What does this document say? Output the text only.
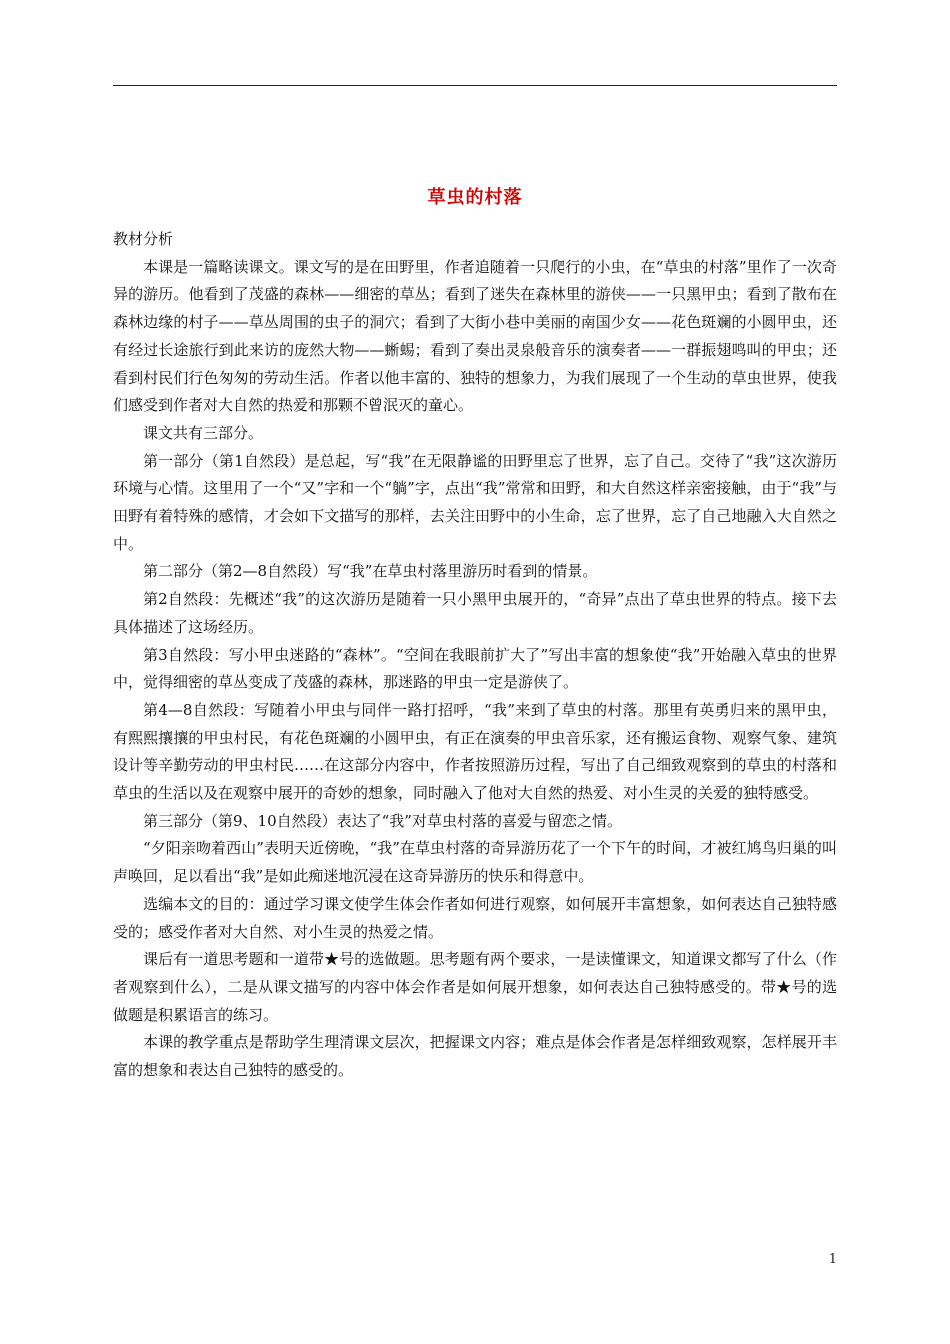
草虫的村落

教材分析

本课是一篇略读课文。课文写的是在田野里，作者追随着一只爬行的小虫，在“草虫的村落”里作了一次奇异的游历。他看到了茂盛的森林——细密的草丛；看到了迷失在森林里的游侠——一只黑甲虫；看到了散布在森林边缘的村子——草丛周围的虫子的洞穴；看到了大街小巷中美丽的南国少女——花色斑斓的小圆甲虫，还有经过长途旅行到此来访的庞然大物——蜥蜴；看到了奏出灵泉般音乐的演奏者——一群振翅鸣叫的甲虫；还看到村民们行色匆匆的劳动生活。作者以他丰富的、独特的想象力，为我们展现了一个生动的草虫世界，使我们感受到作者对大自然的热爱和那颗不曾泯灭的童心。

课文共有三部分。

第一部分（第1自然段）是总起，写“我”在无限静谧的田野里忘了世界，忘了自己。交待了“我”这次游历环境与心情。这里用了一个“又”字和一个“躺”字，点出“我”常常和田野，和大自然这样亲密接触，由于“我”与田野有着特殊的感情，才会如下文描写的那样，去关注田野中的小生命，忘了世界，忘了自己地融入大自然之中。

第二部分（第2—8自然段）写“我”在草虫村落里游历时看到的情景。

第2自然段：先概述“我”的这次游历是随着一只小黑甲虫展开的，“奇异”点出了草虫世界的特点。接下去具体描述了这场经历。

第3自然段：写小甲虫迷路的“森林”。“空间在我眼前扩大了”写出丰富的想象使“我”开始融入草虫的世界中，觉得细密的草丛变成了茂盛的森林，那迷路的甲虫一定是游侠了。

第4—8自然段：写随着小甲虫与同伴一路打招呼，“我”来到了草虫的村落。那里有英勇归来的黑甲虫，有熙熙攘攘的甲虫村民，有花色斑斓的小圆甲虫，有正在演奏的甲虫音乐家，还有搬运食物、观察气象、建筑设计等辛勤劳动的甲虫村民……在这部分内容中，作者按照游历过程，写出了自己细致观察到的草虫的村落和草虫的生活以及在观察中展开的奇妙的想象，同时融入了他对大自然的热爱、对小生灵的关爱的独特感受。

第三部分（第9、10自然段）表达了“我”对草虫村落的喜爱与留恋之情。

“夕阳亲吻着西山”表明天近傍晚，“我”在草虫村落的奇异游历花了一个下午的时间，才被红鸠鸟归巢的叫声唤回，足以看出“我”是如此痴迷地沉浸在这奇异游历的快乐和得意中。

选编本文的目的：通过学习课文使学生体会作者如何进行观察，如何展开丰富想象，如何表达自己独特感受的；感受作者对大自然、对小生灵的热爱之情。

课后有一道思考题和一道带★号的选做题。思考题有两个要求，一是读懂课文，知道课文都写了什么（作者观察到什么），二是从课文描写的内容中体会作者是如何展开想象，如何表达自己独特感受的。带★号的选做题是积累语言的练习。

本课的教学重点是帮助学生理清课文层次，把握课文内容；难点是体会作者是怎样细致观察，怎样展开丰富的想象和表达自己独特的感受的。

1
